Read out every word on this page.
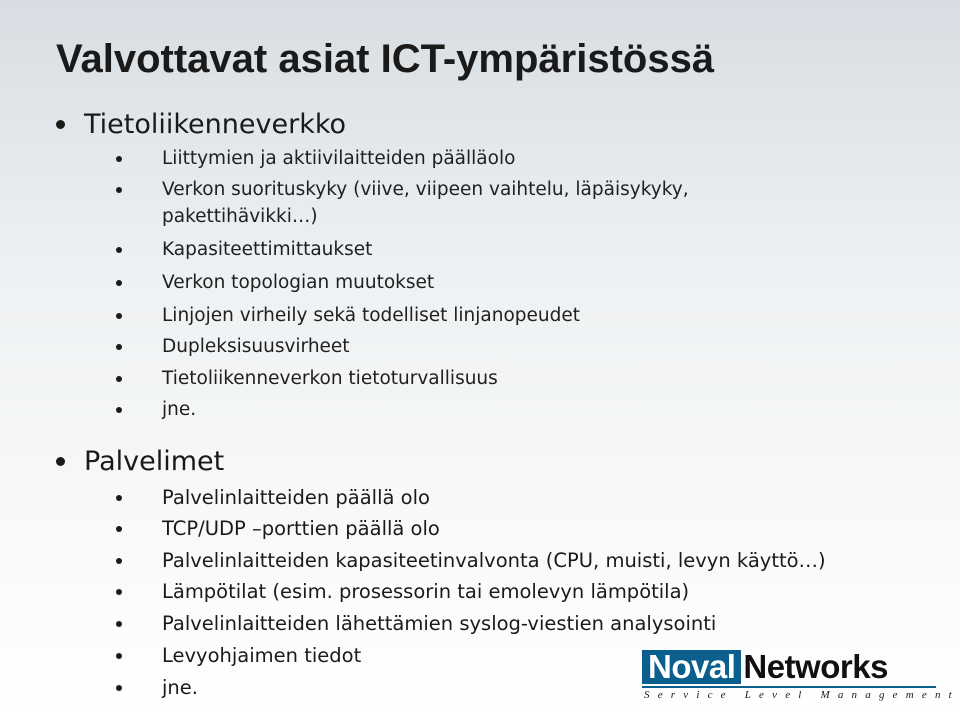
Valvottavat asiat ICT-ympäristössä
Tietoliikenneverkko
Liittymien ja aktiivilaitteiden päälläolo
Verkon suorituskyky (viive, viipeen vaihtelu, läpäisykyky,
pakettihävikki…)
Kapasiteettimittaukset
Verkon topologian muutokset
Linjojen virheily sekä todelliset linjanopeudet
Dupleksisuusvirheet
Tietoliikenneverkon tietoturvallisuus
jne.
Palvelimet
Palvelinlaitteiden päällä olo
TCP/UDP –porttien päällä olo
Palvelinlaitteiden kapasiteetinvalvonta (CPU, muisti, levyn käyttö…)
Lämpötilat (esim. prosessorin tai emolevyn lämpötila)
Palvelinlaitteiden lähettämien syslog-viestien analysointi
Levyohjaimen tiedot
jne.
Noval Networks
Service Level Management
